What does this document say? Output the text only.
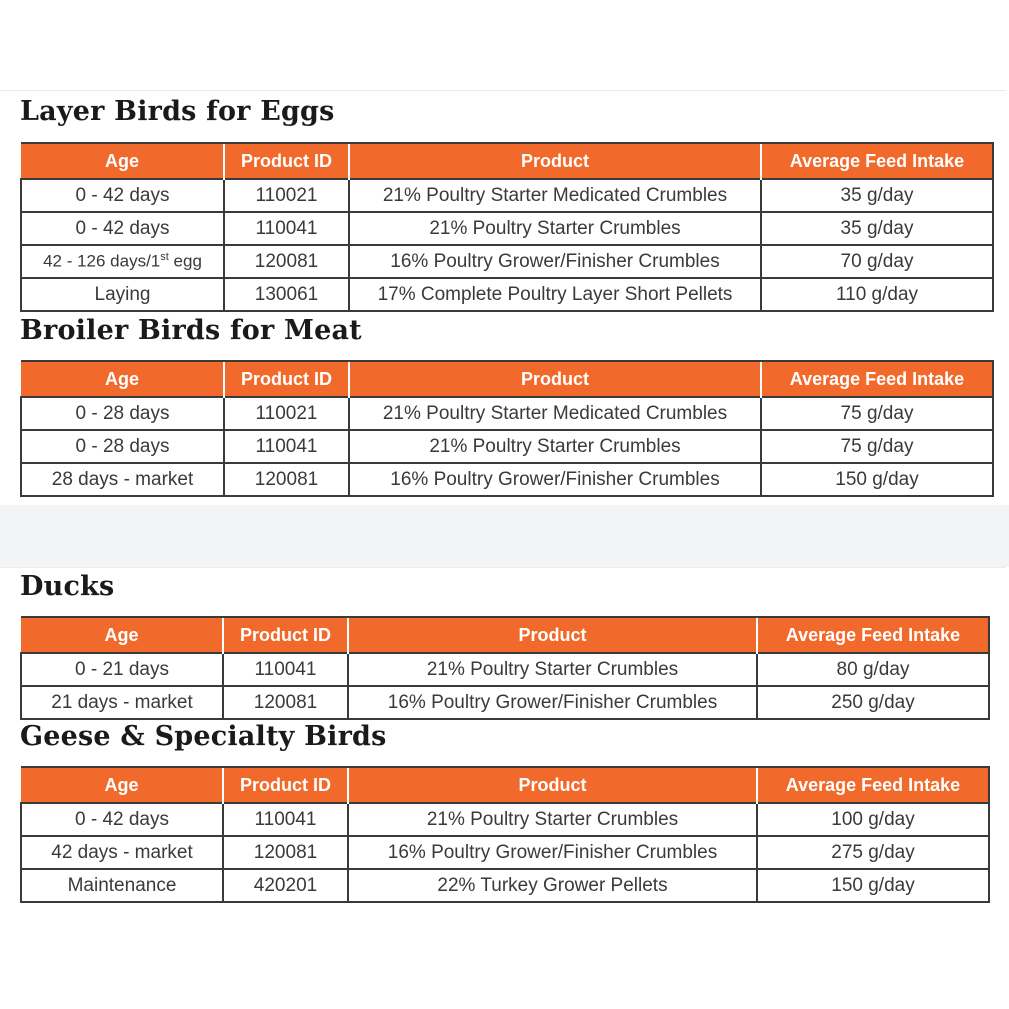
Layer Birds for Eggs
Age	Product ID	Product	Average Feed Intake
0 - 42 days	110021	21% Poultry Starter Medicated Crumbles	35 g/day
0 - 42 days	110041	21% Poultry Starter Crumbles	35 g/day
42 - 126 days/1st egg	120081	16% Poultry Grower/Finisher Crumbles	70 g/day
Laying	130061	17% Complete Poultry Layer Short Pellets	110 g/day
Broiler Birds for Meat
Age	Product ID	Product	Average Feed Intake
0 - 28 days	110021	21% Poultry Starter Medicated Crumbles	75 g/day
0 - 28 days	110041	21% Poultry Starter Crumbles	75 g/day
28 days - market	120081	16% Poultry Grower/Finisher Crumbles	150 g/day
Ducks
Age	Product ID	Product	Average Feed Intake
0 - 21 days	110041	21% Poultry Starter Crumbles	80 g/day
21 days - market	120081	16% Poultry Grower/Finisher Crumbles	250 g/day
Geese & Specialty Birds
Age	Product ID	Product	Average Feed Intake
0 - 42 days	110041	21% Poultry Starter Crumbles	100 g/day
42 days - market	120081	16% Poultry Grower/Finisher Crumbles	275 g/day
Maintenance	420201	22% Turkey Grower Pellets	150 g/day
